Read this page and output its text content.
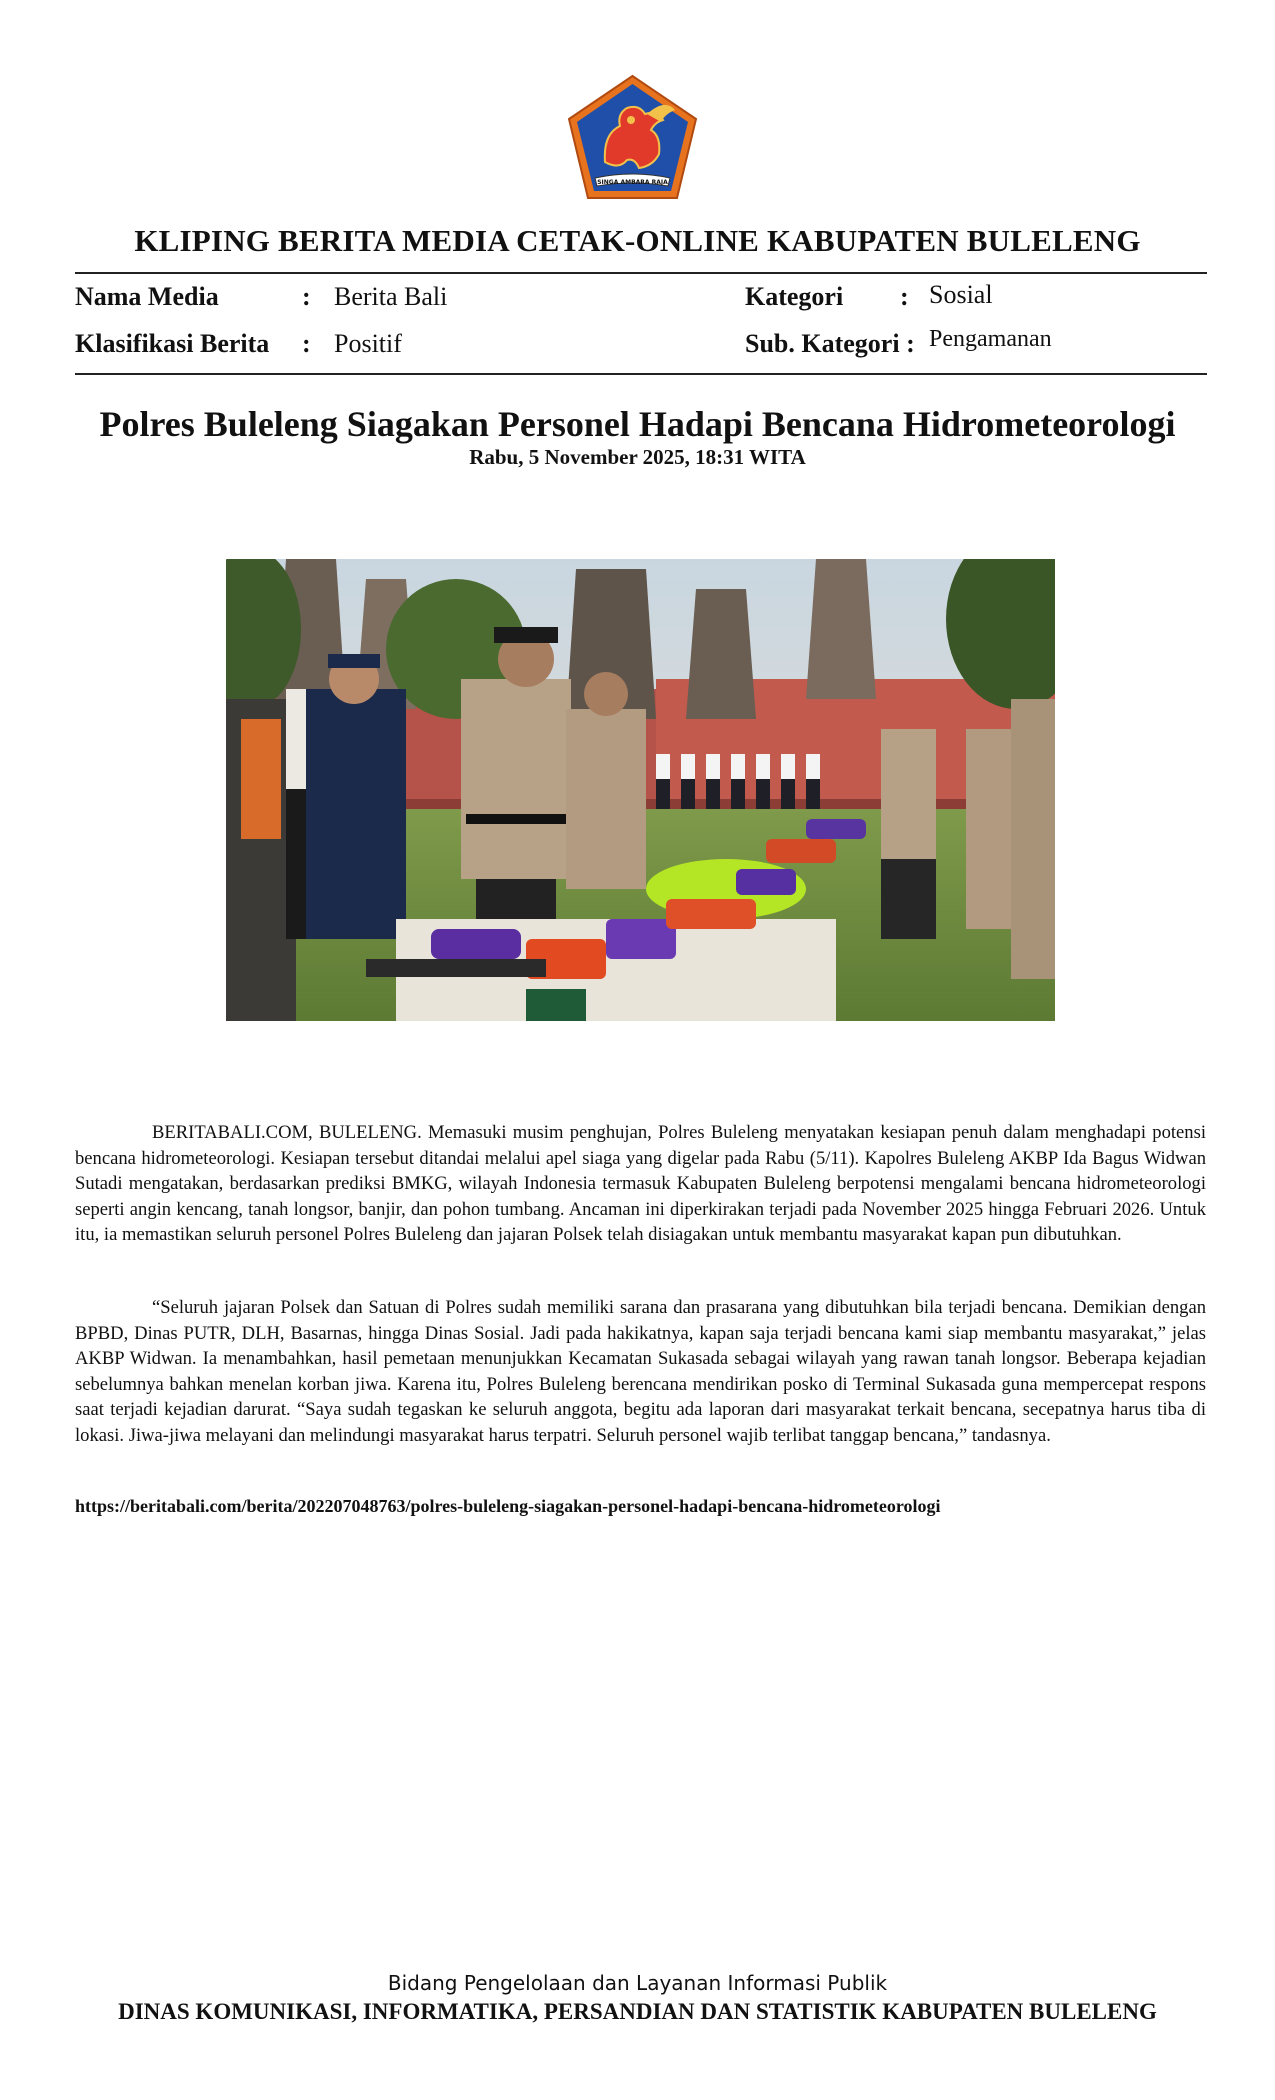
SINGA AMBARA RAJA
KLIPING BERITA MEDIA CETAK-ONLINE KABUPATEN BULELENG
Nama Media	: Berita Bali
Klasifikasi Berita : Positif
Kategori : Sosial
Sub. Kategori : Pengamanan
Polres Buleleng Siagakan Personel Hadapi Bencana Hidrometeorologi
Rabu, 5 November 2025, 18:31 WITA

BERITABALI.COM, BULELENG. Memasuki musim penghujan, Polres Buleleng menyatakan kesiapan penuh dalam menghadapi potensi bencana hidrometeorologi. Kesiapan tersebut ditandai melalui apel siaga yang digelar pada Rabu (5/11). Kapolres Buleleng AKBP Ida Bagus Widwan Sutadi mengatakan, berdasarkan prediksi BMKG, wilayah Indonesia termasuk Kabupaten Buleleng berpotensi mengalami bencana hidrometeorologi seperti angin kencang, tanah longsor, banjir, dan pohon tumbang. Ancaman ini diperkirakan terjadi pada November 2025 hingga Februari 2026. Untuk itu, ia memastikan seluruh personel Polres Buleleng dan jajaran Polsek telah disiagakan untuk membantu masyarakat kapan pun dibutuhkan.

“Seluruh jajaran Polsek dan Satuan di Polres sudah memiliki sarana dan prasarana yang dibutuhkan bila terjadi bencana. Demikian dengan BPBD, Dinas PUTR, DLH, Basarnas, hingga Dinas Sosial. Jadi pada hakikatnya, kapan saja terjadi bencana kami siap membantu masyarakat,” jelas AKBP Widwan. Ia menambahkan, hasil pemetaan menunjukkan Kecamatan Sukasada sebagai wilayah yang rawan tanah longsor. Beberapa kejadian sebelumnya bahkan menelan korban jiwa. Karena itu, Polres Buleleng berencana mendirikan posko di Terminal Sukasada guna mempercepat respons saat terjadi kejadian darurat. “Saya sudah tegaskan ke seluruh anggota, begitu ada laporan dari masyarakat terkait bencana, secepatnya harus tiba di lokasi. Jiwa-jiwa melayani dan melindungi masyarakat harus terpatri. Seluruh personel wajib terlibat tanggap bencana,” tandasnya.

https://beritabali.com/berita/202207048763/polres-buleleng-siagakan-personel-hadapi-bencana-hidrometeorologi
Bidang Pengelolaan dan Layanan Informasi Publik
DINAS KOMUNIKASI, INFORMATIKA, PERSANDIAN DAN STATISTIK KABUPATEN BULELENG
